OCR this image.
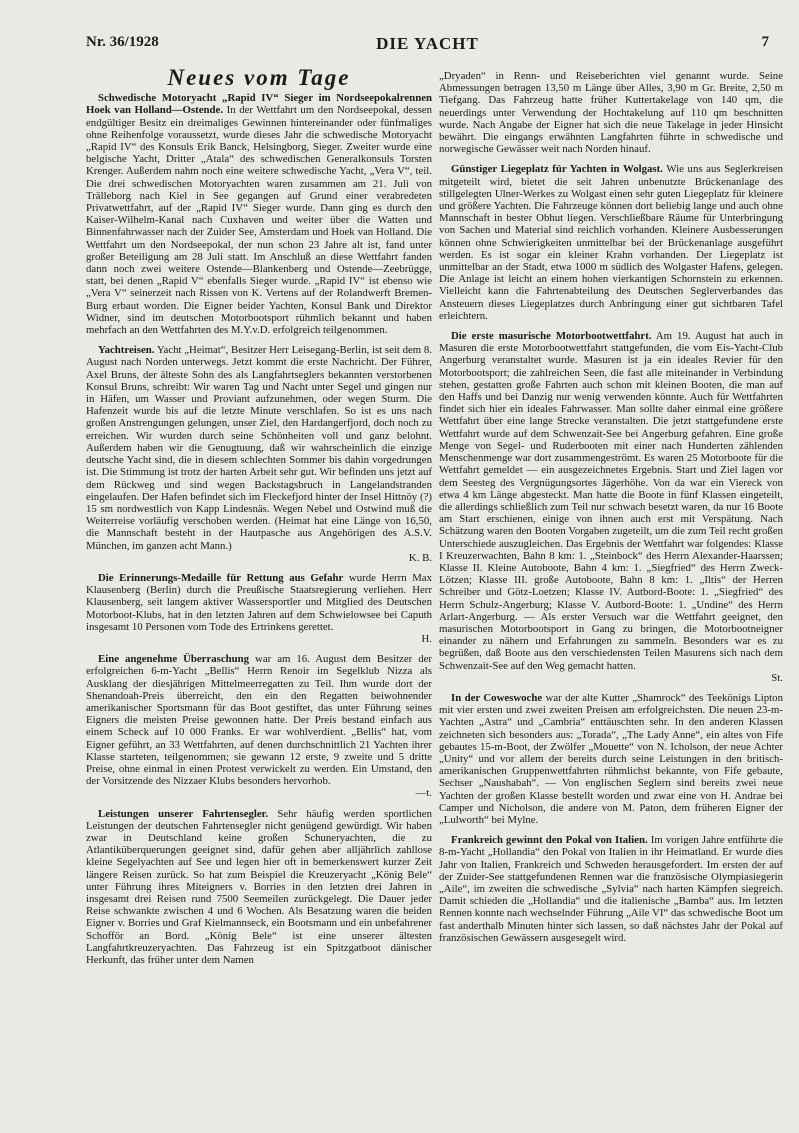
Nr. 36/1928	DIE YACHT	7
Neues vom Tage

Schwedische Motoryacht „Rapid IV“ Sieger im Nordseepokalrennen Hoek van Holland—Ostende. In der Wettfahrt um den Nordseepokal, dessen endgültiger Besitz ein dreimaliges Gewinnen hintereinander oder fünfmaliges ohne Reihenfolge voraussetzt, wurde dieses Jahr die schwedische Motoryacht „Rapid IV“ des Konsuls Erik Banck, Helsingborg, Sieger. Zweiter wurde eine belgische Yacht, Dritter „Atala“ des schwedischen Generalkonsuls Torsten Krenger. Außerdem nahm noch eine weitere schwedische Yacht, „Vera V“, teil. Die drei schwedischen Motoryachten waren zusammen am 21. Juli von Trälleborg nach Kiel in See gegangen auf Grund einer verabredeten Privatwettfahrt, auf der „Rapid IV“ Sieger wurde. Dann ging es durch den Kaiser-Wilhelm-Kanal nach Cuxhaven und weiter über die Watten und Binnenfahrwasser nach der Zuider See, Amsterdam und Hoek van Holland. Die Wettfahrt um den Nordseepokal, der nun schon 23 Jahre alt ist, fand unter großer Beteiligung am 28 Juli statt. Im Anschluß an diese Wettfahrt fanden dann noch zwei weitere Ostende—Blankenberg und Ostende—Zeebrügge, statt, bei denen „Rapid V“ ebenfalls Sieger wurde. „Rapid IV“ ist ebenso wie „Vera V“ seinerzeit nach Rissen von K. Vertens auf der Rolandwerft Bremen-Burg erbaut worden. Die Eigner beider Yachten, Konsul Bank und Direktor Widner, sind im deutschen Motorbootsport rühmlich bekannt und haben mehrfach an den Wettfahrten des M.Y.v.D. erfolgreich teilgenommen.

Yachtreisen. Yacht „Heimat“, Besitzer Herr Leisegang-Berlin, ist seit dem 8. August nach Norden unterwegs. Jetzt kommt die erste Nachricht. Der Führer, Axel Bruns, der älteste Sohn des als Langfahrtseglers bekannten verstorbenen Konsul Bruns, schreibt: Wir waren Tag und Nacht unter Segel und gingen nur in Häfen, um Wasser und Proviant aufzunehmen, oder wegen Sturm. Die Hafenzeit wurde bis auf die letzte Minute verschlafen. So ist es uns nach großen Anstrengungen gelungen, unser Ziel, den Hardangerfjord, doch noch zu erreichen. Wir wurden durch seine Schönheiten voll und ganz belohnt. Außerdem haben wir die Genugtuung, daß wir wahrscheinlich die einzige deutsche Yacht sind, die in diesem schlechten Sommer bis dahin vorgedrungen ist. Die Stimmung ist trotz der harten Arbeit sehr gut. Wir befinden uns jetzt auf dem Rückweg und sind wegen Backstagsbruch in Langelandstranden eingelaufen. Der Hafen befindet sich im Fleckefjord hinter der Insel Hittnöy (?) 15 sm nordwestlich von Kapp Lindesnäs. Wegen Nebel und Ostwind muß die Weiterreise vorläufig verschoben werden. (Heimat hat eine Länge von 16,50, die Mannschaft besteht in der Hautpasche aus Angehörigen des A.S.V. München, im ganzen acht Mann.)
K. B.

Die Erinnerungs-Medaille für Rettung aus Gefahr wurde Herrn Max Klausenberg (Berlin) durch die Preußische Staatsregierung verliehen. Herr Klausenberg, seit langem aktiver Wassersportler und Mitglied des Deutschen Motorboot-Klubs, hat in den letzten Jahren auf dem Schwielowsee bei Caputh insgesamt 10 Personen vom Tode des Ertrinkens gerettet.
H.

Eine angenehme Überraschung war am 16. August dem Besitzer der erfolgreichen 6-m-Yacht „Bellis“ Herrn Renoir im Segelklub Nizza als Ausklang der diesjährigen Mittelmeerregatten zu Teil. Ihm wurde dort der Shenandoah-Preis überreicht, den ein den Regatten beiwohnender amerikanischer Sportsmann für das Boot gestiftet, das unter Führung seines Eigners die meisten Preise gewonnen hatte. Der Preis bestand einfach aus einem Scheck auf 10 000 Franks. Er war wohlverdient. „Bellis“ hat, vom Eigner geführt, an 33 Wettfahrten, auf denen durchschnittlich 21 Yachten ihrer Klasse starteten, teilgenommen; sie gewann 12 erste, 9 zweite und 5 dritte Preise, ohne einmal in einen Protest verwickelt zu werden. Ein Umstand, den der Vorsitzende des Nizzaer Klubs besonders hervorhob.
—t.

Leistungen unserer Fahrtensegler. Sehr häufig werden sportlichen Leistungen der deutschen Fahrtensegler nicht genügend gewürdigt. Wir haben zwar in Deutschland keine großen Schuneryachten, die zu Atlantiküberquerungen geeignet sind, dafür gehen aber alljährlich zahllose kleine Segelyachten auf See und legen hier oft in bemerkenswert kurzer Zeit längere Reisen zurück. So hat zum Beispiel die Kreuzeryacht „König Bele“ unter Führung ihres Miteigners v. Borries in den letzten drei Jahren in insgesamt drei Reisen rund 7500 Seemeilen zurückgelegt. Die Dauer jeder Reise schwankte zwischen 4 und 6 Wochen. Als Besatzung waren die beiden Eigner v. Borries und Graf Kielmannseck, ein Bootsmann und ein unbefahrener Schofför an Bord. „König Bele“ ist eine unserer ältesten Langfahrtkreuzeryachten. Das Fahrzeug ist ein Spitzgatboot dänischer Herkunft, das früher unter dem Namen

„Dryaden“ in Renn- und Reiseberichten viel genannt wurde. Seine Abmessungen betragen 13,50 m Länge über Alles, 3,90 m Gr. Breite, 2,50 m Tiefgang. Das Fahrzeug hatte früher Kuttertakelage von 140 qm, die neuerdings unter Verwendung der Hochtakelung auf 110 qm beschnitten wurde. Nach Angabe der Eigner hat sich die neue Takelage in jeder Hinsicht bewährt. Die eingangs erwähnten Langfahrten führte in schwedische und norwegische Gewässer weit nach Norden hinauf.

Günstiger Liegeplatz für Yachten in Wolgast. Wie uns aus Seglerkreisen mitgeteilt wird, bietet die seit Jahren unbenutzte Brückenanlage des stillgelegten Ulner-Werkes zu Wolgast einen sehr guten Liegeplatz für kleinere und größere Yachten. Die Fahrzeuge können dort beliebig lange und auch ohne Mannschaft in bester Obhut liegen. Verschließbare Räume für Unterbringung von Sachen und Material sind reichlich vorhanden. Kleinere Ausbesserungen können ohne Schwierigkeiten unmittelbar bei der Brückenanlage ausgeführt werden. Es ist sogar ein kleiner Krahn vorhanden. Der Liegeplatz ist unmittelbar an der Stadt, etwa 1000 m südlich des Wolgaster Hafens, gelegen. Die Anlage ist leicht an einem hohen vierkantigen Schornstein zu erkennen. Vielleicht kann die Fahrtenabteilung des Deutschen Seglerverbandes das Ansteuern dieses Liegeplatzes durch Anbringung einer gut sichtbaren Tafel erleichtern.

Die erste masurische Motorbootwettfahrt. Am 19. August hat auch in Masuren die erste Motorbootwettfahrt stattgefunden, die vom Eis-Yacht-Club Angerburg veranstaltet wurde. Masuren ist ja ein ideales Revier für den Motorbootsport; die zahlreichen Seen, die fast alle miteinander in Verbindung stehen, gestatten große Fahrten auch schon mit kleinen Booten, die man auf den Haffs und bei Danzig nur wenig verwenden könnte. Auch für Wettfahrten findet sich hier ein ideales Fahrwasser. Man sollte daher einmal eine größere Wettfahrt über eine lange Strecke veranstalten. Die jetzt stattgefundene erste Wettfahrt wurde auf dem Schwenzait-See bei Angerburg gefahren. Eine große Menge von Segel- und Ruderbooten mit einer nach Hunderten zählenden Menschenmenge war dort zusammengeströmt. Es waren 25 Motorboote für die Wettfahrt gemeldet — ein ausgezeichnetes Ergebnis. Start und Ziel lagen vor dem Seesteg des Vergnügungsortes Jägerhöhe. Von da war ein Viereck von etwa 4 km Länge abgesteckt. Man hatte die Boote in fünf Klassen eingeteilt, die allerdings schließlich zum Teil nur schwach besetzt waren, da nur 16 Boote am Start erschienen, einige von ihnen auch erst mit Verspätung. Nach Schätzung waren den Booten Vorgaben zugeteilt, um die zum Teil recht großen Unterschiede auszugleichen. Das Ergebnis der Wettfahrt war folgendes: Klasse I Kreuzerwachten, Bahn 8 km: 1. „Steinbock“ des Herrn Alexander-Haarssen; Klasse II. Kleine Autoboote, Bahn 4 km: 1. „Siegfried“ des Herrn Zweck-Lötzen; Klasse III. große Autoboote, Bahn 8 km: 1. „Iltis“ der Herren Schreiber und Götz-Loetzen; Klasse IV. Autbord-Boote: 1. „Siegfried“ des Herrn Schulz-Angerburg; Klasse V. Autbord-Boote: 1. „Undine“ des Herrn Arlart-Angerburg. — Als erster Versuch war die Wettfahrt geeignet, den masurischen Motorbootsport in Gang zu bringen, die Motorbootneigner einander zu nähern und Erfahrungen zu sammeln. Besonders war es zu begrüßen, daß Boote aus den verschiedensten Teilen Masurens sich nach dem Schwenzait-See auf den Weg gemacht hatten.
St.

In der Coweswoche war der alte Kutter „Shamrock“ des Teekönigs Lipton mit vier ersten und zwei zweiten Preisen am erfolgreichsten. Die neuen 23-m-Yachten „Astra“ und „Cambria“ enttäuschten sehr. In den anderen Klassen zeichneten sich besonders aus: „Torada“, „The Lady Anne“, ein altes von Fife gebautes 15-m-Boot, der Zwölfer „Mouette“ von N. Icholson, der neue Achter „Unity“ und vor allem der bereits durch seine Leistungen in den britisch-amerikanischen Gruppenwettfahrten rühmlichst bekannte, von Fife gebaute, Sechser „Naushabah“. — Von englischen Seglern sind bereits zwei neue Yachten der großen Klasse bestellt worden und zwar eine von H. Andrae bei Camper und Nicholson, die andere von M. Paton, dem früheren Eigner der „Lulworth“ bei Mylne.

Frankreich gewinnt den Pokal von Italien. Im vorigen Jahre entführte die 8-m-Yacht „Hollandia“ den Pokal von Italien in ihr Heimatland. Er wurde dies Jahr von Italien, Frankreich und Schweden herausgefordert. Im ersten der auf der Zuider-See stattgefundenen Rennen war die französische Olympiasiegerin „Aile“, im zweiten die schwedische „Sylvia“ nach harten Kämpfen siegreich. Damit schieden die „Hollandia“ und die italienische „Bamba“ aus. Im letzten Rennen konnte nach wechselnder Führung „Aile VI“ das schwedische Boot um fast anderthalb Minuten hinter sich lassen, so daß nächstes Jahr der Pokal auf französischen Gewässern ausgesegelt wird.
